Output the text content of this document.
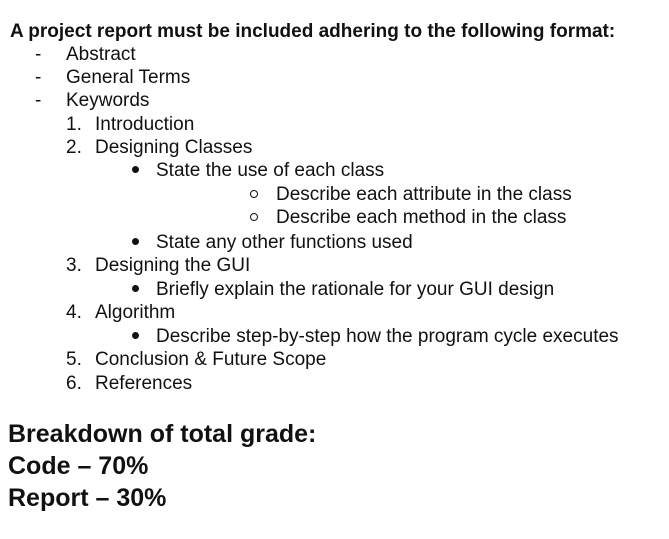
A project report must be included adhering to the following format:
- Abstract
- General Terms
- Keywords
1. Introduction
2. Designing Classes
State the use of each class
Describe each attribute in the class
Describe each method in the class
State any other functions used
3. Designing the GUI
Briefly explain the rationale for your GUI design
4. Algorithm
Describe step-by-step how the program cycle executes
5. Conclusion & Future Scope
6. References
Breakdown of total grade:
Code – 70%
Report – 30%
